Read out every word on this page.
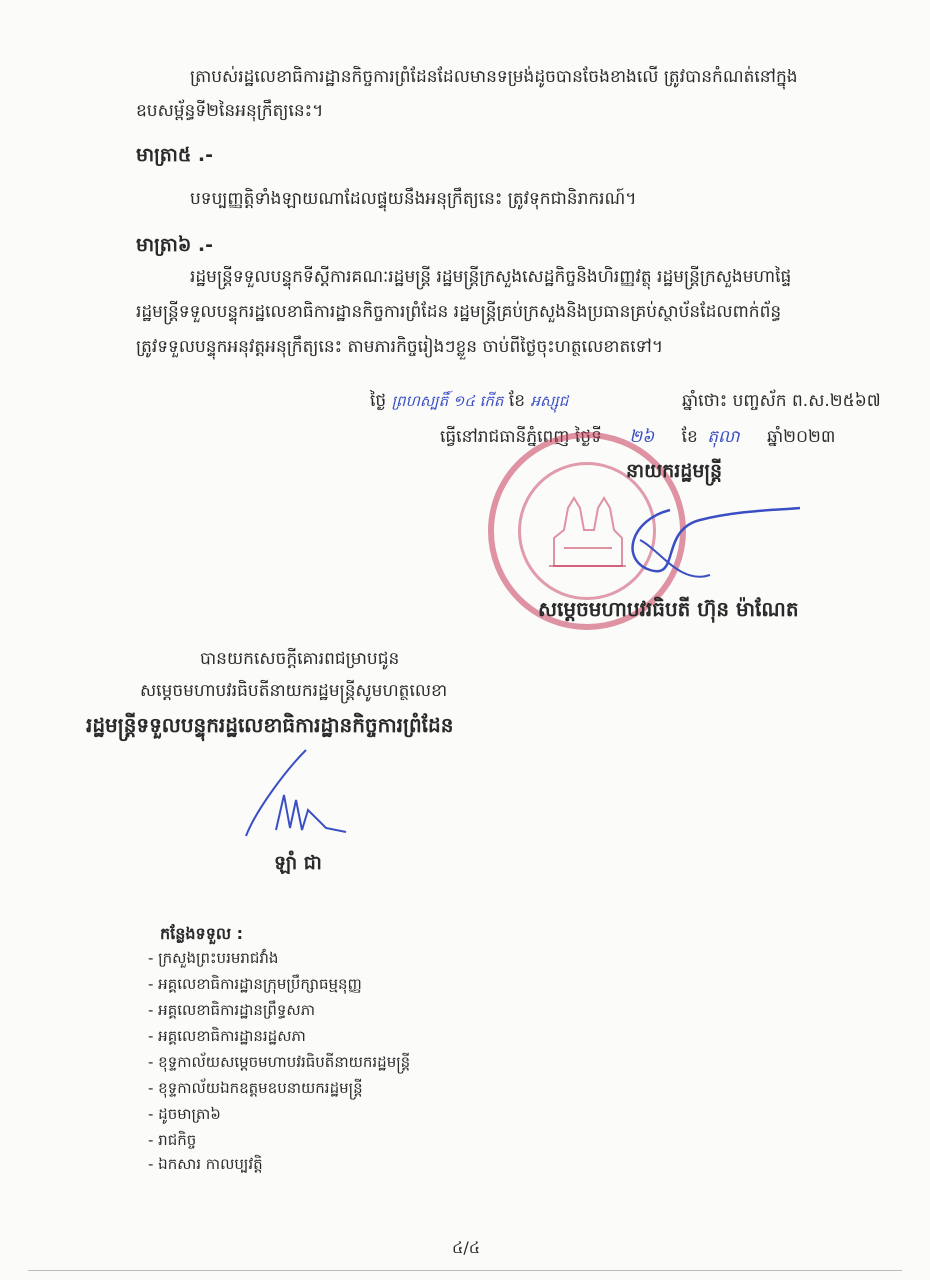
ត្រាបស់រដ្ឋលេខាធិការដ្ឋានកិច្ចការព្រំដែនដែលមានទម្រង់ដូចបានចែងខាងលើ ត្រូវបានកំណត់នៅក្នុង
ឧបសម្ព័ន្ធទី២នៃអនុក្រឹត្យនេះ។
មាត្រា៥ .-
បទប្បញ្ញត្តិទាំងឡាយណាដែលផ្ទុយនឹងអនុក្រឹត្យនេះ ត្រូវទុកជានិរាករណ៍។
មាត្រា៦ .-
រដ្ឋមន្ត្រីទទួលបន្ទុកទីស្តីការគណៈរដ្ឋមន្ត្រី រដ្ឋមន្ត្រីក្រសួងសេដ្ឋកិច្ចនិងហិរញ្ញវត្ថុ រដ្ឋមន្ត្រីក្រសួងមហាផ្ទៃ
រដ្ឋមន្ត្រីទទួលបន្ទុករដ្ឋលេខាធិការដ្ឋានកិច្ចការព្រំដែន រដ្ឋមន្ត្រីគ្រប់ក្រសួងនិងប្រធានគ្រប់ស្ថាប័នដែលពាក់ព័ន្ធ
ត្រូវទទួលបន្ទុកអនុវត្តអនុក្រឹត្យនេះ តាមភារកិច្ចរៀងៗខ្លួន ចាប់ពីថ្ងៃចុះហត្ថលេខាតទៅ។
ថ្ងៃ ព្រហស្បតិ៍ ១៤ កើត ខែ អស្សុជ	ឆ្នាំថោះ បញ្ចស័ក ព.ស.២៥៦៧
ធ្វើនៅរាជធានីភ្នំពេញ ថ្ងៃទី ២៦ ខែ តុលា ឆ្នាំ២០២៣
នាយករដ្ឋមន្ត្រី
សម្តេចមហាបវរធិបតី ហ៊ុន ម៉ាណែត
បានយកសេចក្តីគោរពជម្រាបជូន
សម្តេចមហាបវរធិបតីនាយករដ្ឋមន្ត្រីសូមហត្ថលេខា
រដ្ឋមន្ត្រីទទួលបន្ទុករដ្ឋលេខាធិការដ្ឋានកិច្ចការព្រំដែន
ឡាំ ជា
កន្លែងទទួល :
- ក្រសួងព្រះបរមរាជវាំង
- អគ្គលេខាធិការដ្ឋានក្រុមប្រឹក្សាធម្មនុញ្ញ
- អគ្គលេខាធិការដ្ឋានព្រឹទ្ធសភា
- អគ្គលេខាធិការដ្ឋានរដ្ឋសភា
- ខុទ្ទកាល័យសម្តេចមហាបវរធិបតីនាយករដ្ឋមន្ត្រី
- ខុទ្ទកាល័យឯកឧត្តមឧបនាយករដ្ឋមន្ត្រី
- ដូចមាត្រា៦
- រាជកិច្ច
- ឯកសារ កាលប្បវត្តិ
៤/៤
